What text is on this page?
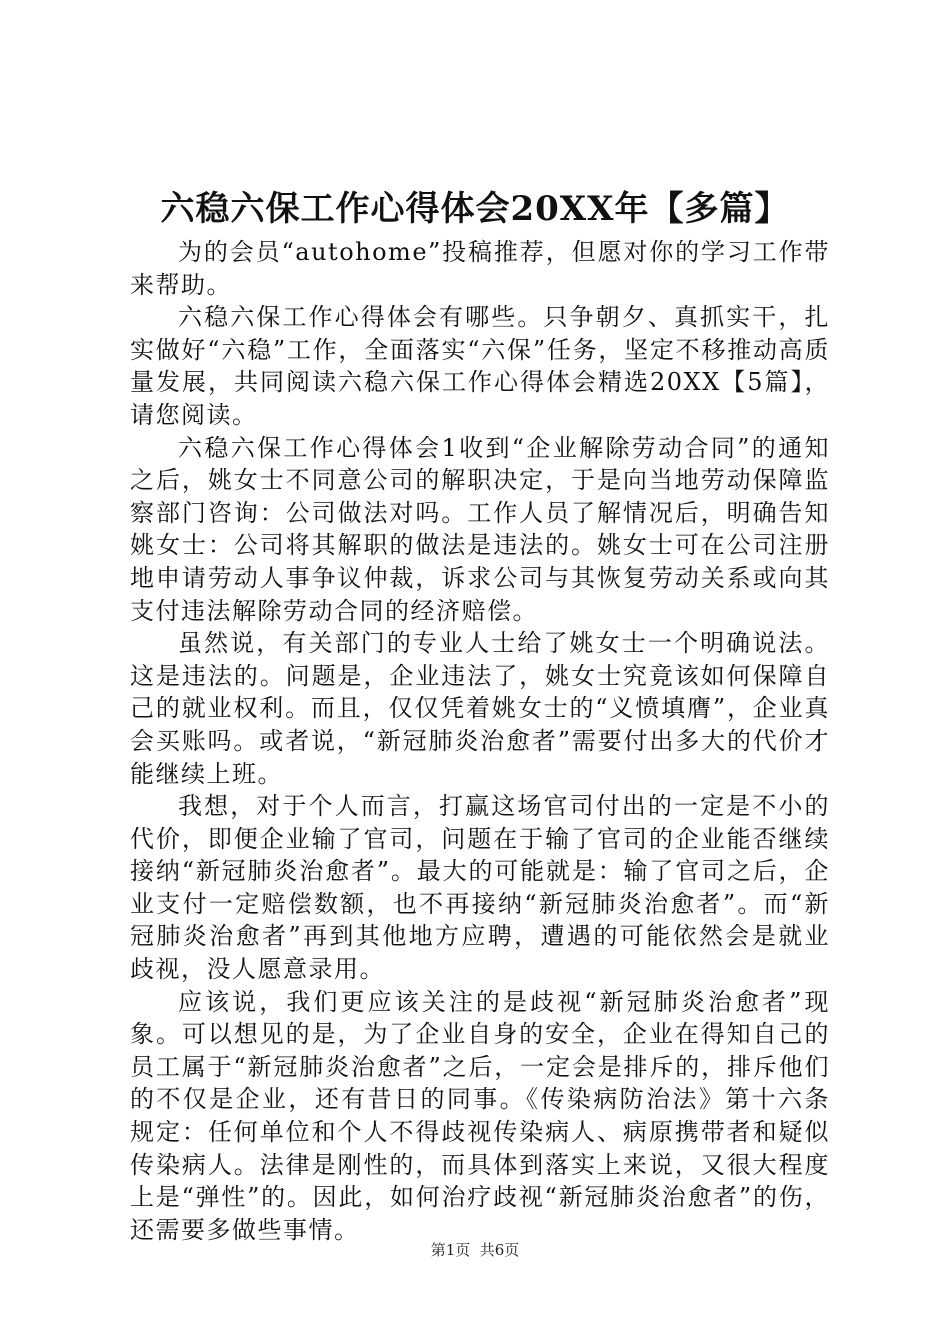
六稳六保工作心得体会20XX年【多篇】

为的会员“autohome”投稿推荐，但愿对你的学习工作带来帮助。

六稳六保工作心得体会有哪些。只争朝夕、真抓实干，扎实做好“六稳”工作，全面落实“六保”任务，坚定不移推动高质量发展，共同阅读六稳六保工作心得体会精选20XX【5篇】，请您阅读。

六稳六保工作心得体会1收到“企业解除劳动合同”的通知之后，姚女士不同意公司的解职决定，于是向当地劳动保障监察部门咨询：公司做法对吗。工作人员了解情况后，明确告知姚女士：公司将其解职的做法是违法的。姚女士可在公司注册地申请劳动人事争议仲裁，诉求公司与其恢复劳动关系或向其支付违法解除劳动合同的经济赔偿。

虽然说，有关部门的专业人士给了姚女士一个明确说法。这是违法的。问题是，企业违法了，姚女士究竟该如何保障自己的就业权利。而且，仅仅凭着姚女士的“义愤填膺”，企业真会买账吗。或者说，“新冠肺炎治愈者”需要付出多大的代价才能继续上班。

我想，对于个人而言，打赢这场官司付出的一定是不小的代价，即便企业输了官司，问题在于输了官司的企业能否继续接纳“新冠肺炎治愈者”。最大的可能就是：输了官司之后，企业支付一定赔偿数额，也不再接纳“新冠肺炎治愈者”。而“新冠肺炎治愈者”再到其他地方应聘，遭遇的可能依然会是就业歧视，没人愿意录用。

应该说，我们更应该关注的是歧视“新冠肺炎治愈者”现象。可以想见的是，为了企业自身的安全，企业在得知自己的员工属于“新冠肺炎治愈者”之后，一定会是排斥的，排斥他们的不仅是企业，还有昔日的同事。《传染病防治法》第十六条规定：任何单位和个人不得歧视传染病人、病原携带者和疑似传染病人。法律是刚性的，而具体到落实上来说，又很大程度上是“弹性”的。因此，如何治疗歧视“新冠肺炎治愈者”的伤，还需要多做些事情。

第1页  共6页
